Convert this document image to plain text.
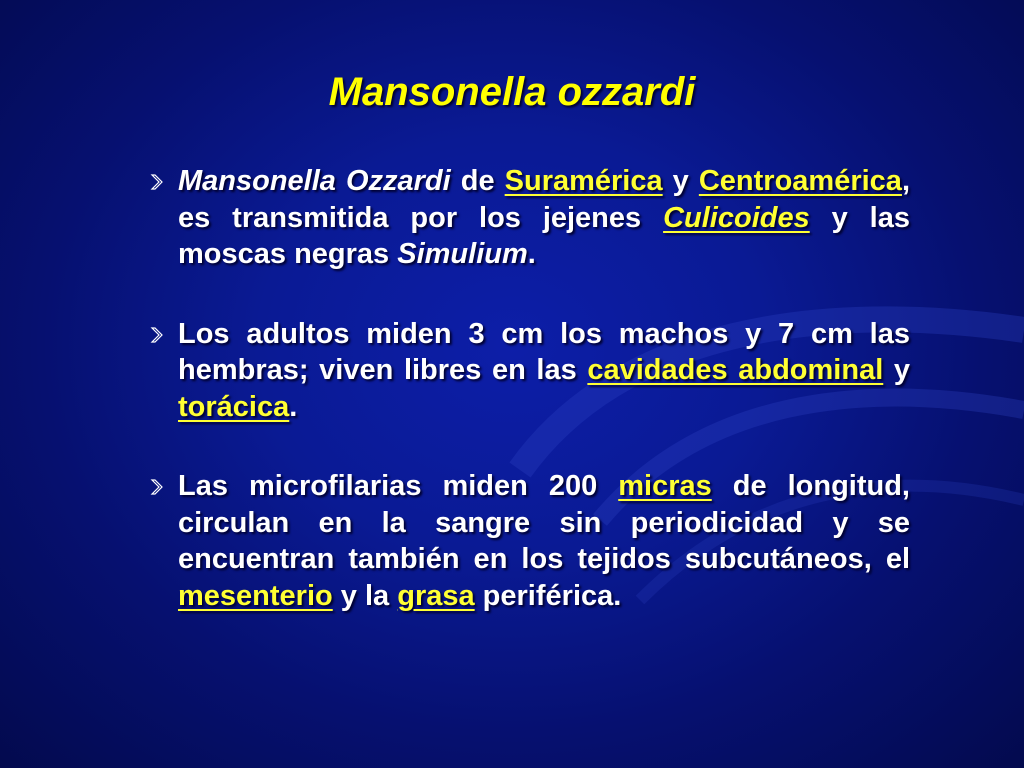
Mansonella ozzardi
Mansonella Ozzardi de Suramérica y Centroamérica, es transmitida por los jejenes Culicoides y las moscas negras Simulium.
Los adultos miden 3 cm los machos y 7 cm las hembras; viven libres en las cavidades abdominal y torácica.
Las microfilarias miden 200 micras de longitud, circulan en la sangre sin periodicidad y se encuentran también en los tejidos subcutáneos, el mesenterio y la grasa periférica.
